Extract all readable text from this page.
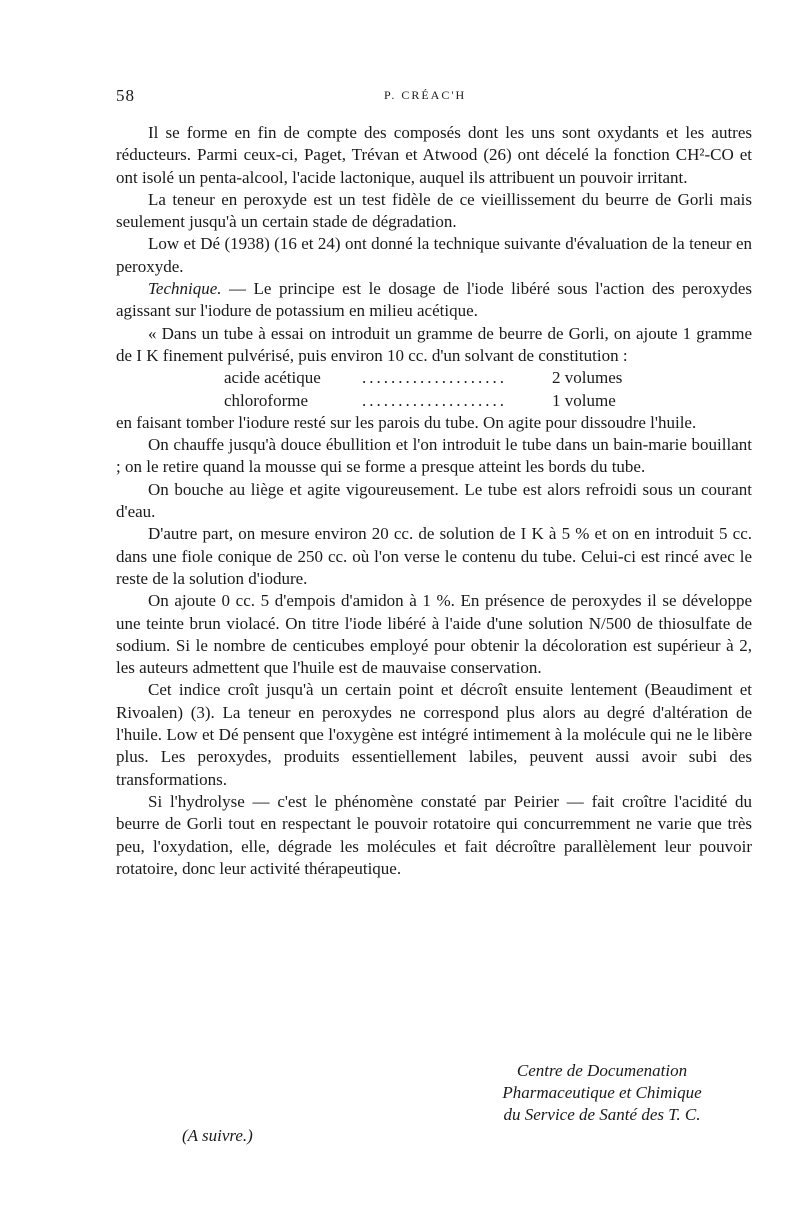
58	P. CRÉAC'H

Il se forme en fin de compte des composés dont les uns sont oxydants et les autres réducteurs. Parmi ceux-ci, Paget, Trévan et Atwood (26) ont décelé la fonction CH²-CO et ont isolé un penta-alcool, l'acide lactonique, auquel ils attribuent un pouvoir irritant.

La teneur en peroxyde est un test fidèle de ce vieillissement du beurre de Gorli mais seulement jusqu'à un certain stade de dégradation.

Low et Dé (1938) (16 et 24) ont donné la technique suivante d'évaluation de la teneur en peroxyde.

Technique. — Le principe est le dosage de l'iode libéré sous l'action des peroxydes agissant sur l'iodure de potassium en milieu acétique.

« Dans un tube à essai on introduit un gramme de beurre de Gorli, on ajoute 1 gramme de I K finement pulvérisé, puis environ 10 cc. d'un solvant de constitution :

acide acétique	....................	2 volumes
chloroforme	....................	1 volume

en faisant tomber l'iodure resté sur les parois du tube. On agite pour dissoudre l'huile.

On chauffe jusqu'à douce ébullition et l'on introduit le tube dans un bain-marie bouillant ; on le retire quand la mousse qui se forme a presque atteint les bords du tube.

On bouche au liège et agite vigoureusement. Le tube est alors refroidi sous un courant d'eau.

D'autre part, on mesure environ 20 cc. de solution de I K à 5 % et on en introduit 5 cc. dans une fiole conique de 250 cc. où l'on verse le contenu du tube. Celui-ci est rincé avec le reste de la solution d'iodure.

On ajoute 0 cc. 5 d'empois d'amidon à 1 %. En présence de peroxydes il se développe une teinte brun violacé. On titre l'iode libéré à l'aide d'une solution N/500 de thiosulfate de sodium. Si le nombre de centicubes employé pour obtenir la décoloration est supérieur à 2, les auteurs admettent que l'huile est de mauvaise conservation.

Cet indice croît jusqu'à un certain point et décroît ensuite lentement (Beaudiment et Rivoalen) (3). La teneur en peroxydes ne correspond plus alors au degré d'altération de l'huile. Low et Dé pensent que l'oxygène est intégré intimement à la molécule qui ne le libère plus. Les peroxydes, produits essentiellement labiles, peuvent aussi avoir subi des transformations.

Si l'hydrolyse — c'est le phénomène constaté par Peirier — fait croître l'acidité du beurre de Gorli tout en respectant le pouvoir rotatoire qui concurremment ne varie que très peu, l'oxydation, elle, dégrade les molécules et fait décroître parallèlement leur pouvoir rotatoire, donc leur activité thérapeutique.

Centre de Documenation
Pharmaceutique et Chimique
du Service de Santé des T. C.
(A suivre.)
